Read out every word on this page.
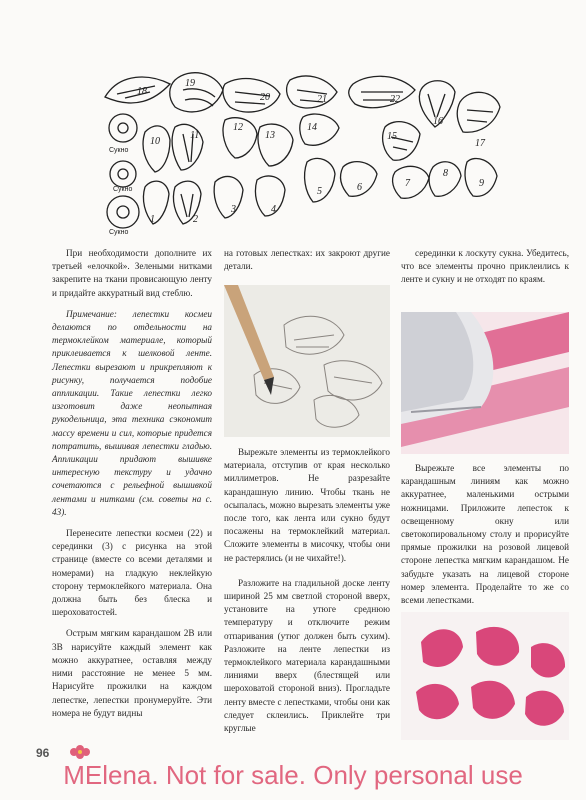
18
19
20	21	22
10
11
12
13
14
15
16
17
1	2
3	4
5	6	7
8
9
Сукно
Сукно
Сукно

При необходимости дополните их третьей «елочкой». Зелеными нитками закрепите на ткани провисающую ленту и придайте аккуратный вид стеблю.

Примечание: лепестки космеи делаются по отдельности на термоклейком материале, который приклеивается к шелковой ленте. Лепестки вырезают и прикрепляют к рисунку, получается подобие аппликации. Такие лепестки легко изготовит даже неопытная рукодельница, эта техника сэкономит массу времени и сил, которые придется потратить, вышивая лепестки гладью. Аппликации придают вышивке интересную текстуру и удачно сочетаются с рельефной вышивкой лентами и нитками (см. советы на с. 43).

Перенесите лепестки космеи (22) и серединки (3) с рисунка на этой странице (вместе со всеми деталями и номерами) на гладкую неклейкую сторону термоклейкого материала. Она должна быть без блеска и шероховатостей.

Острым мягким карандашом 2В или 3В нарисуйте каждый элемент как можно аккуратнее, оставляя между ними расстояние не менее 5 мм. Нарисуйте прожилки на каждом лепестке, лепестки пронумеруйте. Эти номера не будут видны

на готовых лепестках: их закроют другие детали.

Вырежьте элементы из термоклейкого материала, отступив от края несколько миллиметров. Не разрезайте карандашную линию. Чтобы ткань не осыпалась, можно вырезать элементы уже после того, как лента или сукно будут посажены на термоклейкий материал. Сложите элементы в мисочку, чтобы они не растерялись (и не чихайте!).

Разложите на гладильной доске ленту шириной 25 мм светлой стороной вверх, установите на утюге среднюю температуру и отключите режим отпаривания (утюг должен быть сухим). Разложите на ленте лепестки из термоклейкого материала карандашными линиями вверх (блестящей или шероховатой стороной вниз). Прогладьте ленту вместе с лепестками, чтобы они как следует склеились. Приклейте три круглые

серединки к лоскуту сукна. Убедитесь, что все элементы прочно приклеились к ленте и сукну и не отходят по краям.

Вырежьте все элементы по карандашным линиям как можно аккуратнее, маленькими острыми ножницами. Приложите лепесток к освещенному окну или светокопировальному столу и прорисуйте прямые прожилки на розовой лицевой стороне лепестка мягким карандашом. Не забудьте указать на лицевой стороне номер элемента. Проделайте то же со всеми лепестками.

96
MElena. Not for sale. Only personal use
